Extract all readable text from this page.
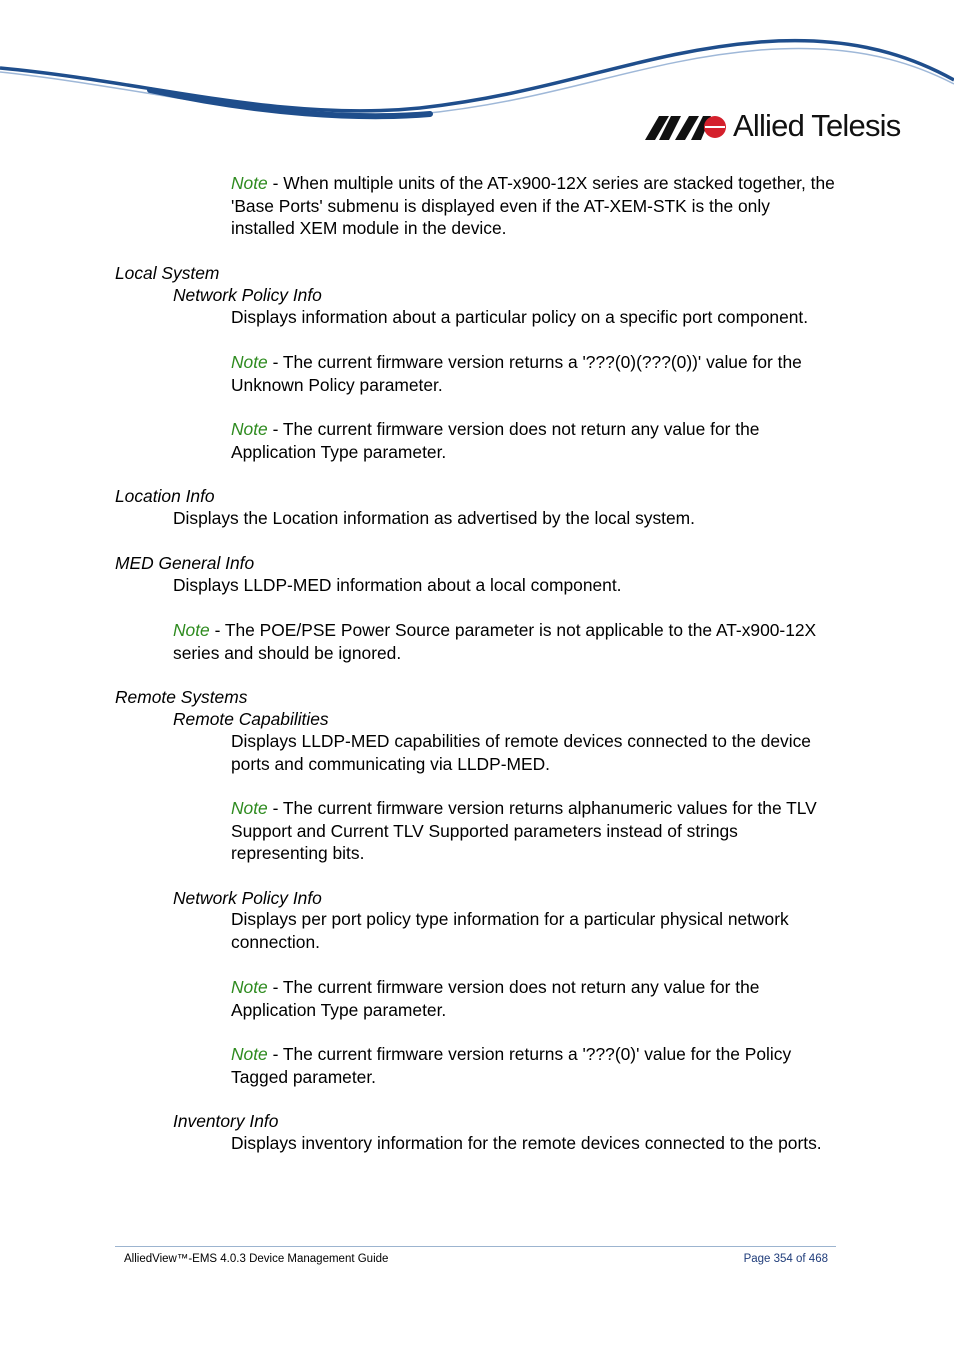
Allied Telesis
Note - When multiple units of the AT-x900-12X series are stacked together, the 'Base Ports' submenu is displayed even if the AT-XEM-STK is the only installed XEM module in the device.
Local System
Network Policy Info
Displays information about a particular policy on a specific port component.
Note - The current firmware version returns a '???(0)(???(0))' value for the Unknown Policy parameter.
Note - The current firmware version does not return any value for the Application Type parameter.
Location Info
Displays the Location information as advertised by the local system.
MED General Info
Displays LLDP-MED information about a local component.
Note - The POE/PSE Power Source parameter is not applicable to the AT-x900-12X series and should be ignored.
Remote Systems
Remote Capabilities
Displays LLDP-MED capabilities of remote devices connected to the device ports and communicating via LLDP-MED.
Note - The current firmware version returns alphanumeric values for the TLV Support and Current TLV Supported parameters instead of strings representing bits.
Network Policy Info
Displays per port policy type information for a particular physical network connection.
Note - The current firmware version does not return any value for the Application Type parameter.
Note - The current firmware version returns a '???(0)' value for the Policy Tagged parameter.
Inventory Info
Displays inventory information for the remote devices connected to the ports.
AlliedView™-EMS 4.0.3 Device Management Guide	Page 354 of 468
